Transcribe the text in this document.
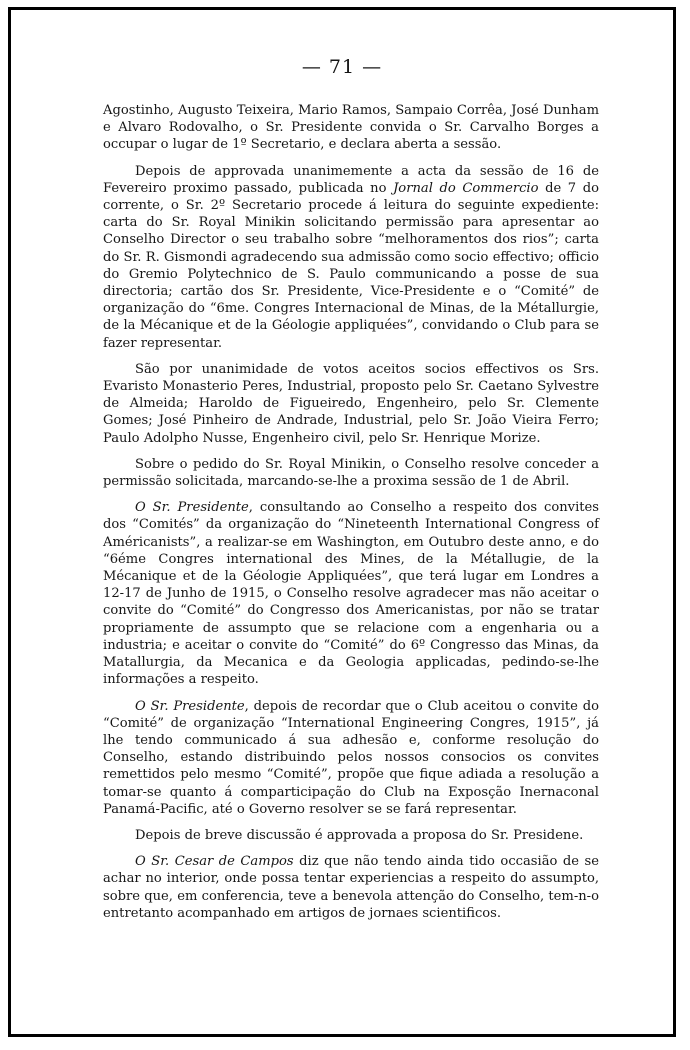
— 71 —

Agostinho, Augusto Teixeira, Mario Ramos, Sampaio Corrêa, José Dunham e Alvaro Rodovalho, o Sr. Presidente convida o Sr. Carvalho Borges a occupar o lugar de 1º Secretario, e declara aberta a sessão.

Depois de approvada unanimemente a acta da sessão de 16 de Fevereiro proximo passado, publicada no Jornal do Commercio de 7 do corrente, o Sr. 2º Secretario procede á leitura do seguinte expediente: carta do Sr. Royal Minikin solicitando permissão para apresentar ao Conselho Director o seu trabalho sobre “melhoramentos dos rios”; carta do Sr. R. Gismondi agradecendo sua admissão como socio effectivo; officio do Gremio Polytechnico de S. Paulo communicando a posse de sua directoria; cartão dos Sr. Presidente, Vice-Presidente e o “Comité” de organização do “6me. Congres Internacional de Minas, de la Métallurgie, de la Mécanique et de la Géologie appliquées”, convidando o Club para se fazer representar.

São por unanimidade de votos aceitos socios effectivos os Srs. Evaristo Monasterio Peres, Industrial, proposto pelo Sr. Caetano Sylvestre de Almeida; Haroldo de Figueiredo, Engenheiro, pelo Sr. Clemente Gomes; José Pinheiro de Andrade, Industrial, pelo Sr. João Vieira Ferro; Paulo Adolpho Nusse, Engenheiro civil, pelo Sr. Henrique Morize.

Sobre o pedido do Sr. Royal Minikin, o Conselho resolve conceder a permissão solicitada, marcando-se-lhe a proxima sessão de 1 de Abril.

O Sr. Presidente, consultando ao Conselho a respeito dos convites dos “Comités” da organização do “Nineteenth International Congress of Américanists”, a realizar-se em Washington, em Outubro deste anno, e do “6éme Congres international des Mines, de la Métallugie, de la Mécanique et de la Géologie Appliquées”, que terá lugar em Londres a 12-17 de Junho de 1915, o Conselho resolve agradecer mas não aceitar o convite do “Comité” do Congresso dos Americanistas, por não se tratar propriamente de assumpto que se relacione com a engenharia ou a industria; e aceitar o convite do “Comité” do 6º Congresso das Minas, da Matallurgia, da Mecanica e da Geologia applicadas, pedindo-se-lhe informações a respeito.

O Sr. Presidente, depois de recordar que o Club aceitou o convite do “Comité” de organização “International Engineering Congres, 1915”, já lhe tendo communicado á sua adhesão e, conforme resolução do Conselho, estando distribuindo pelos nossos consocios os convites remettidos pelo mesmo “Comité”, propõe que fique adiada a resolução a tomar-se quanto á comparticipação do Club na Exposção Inernaconal Panamá-Pacific, até o Governo resolver se se fará representar.

Depois de breve discussão é approvada a proposa do Sr. Presidene.

O Sr. Cesar de Campos diz que não tendo ainda tido occasião de se achar no interior, onde possa tentar experiencias a respeito do assumpto, sobre que, em conferencia, teve a benevola attenção do Conselho, tem-n-o entretanto acompanhado em artigos de jornaes scientificos.
